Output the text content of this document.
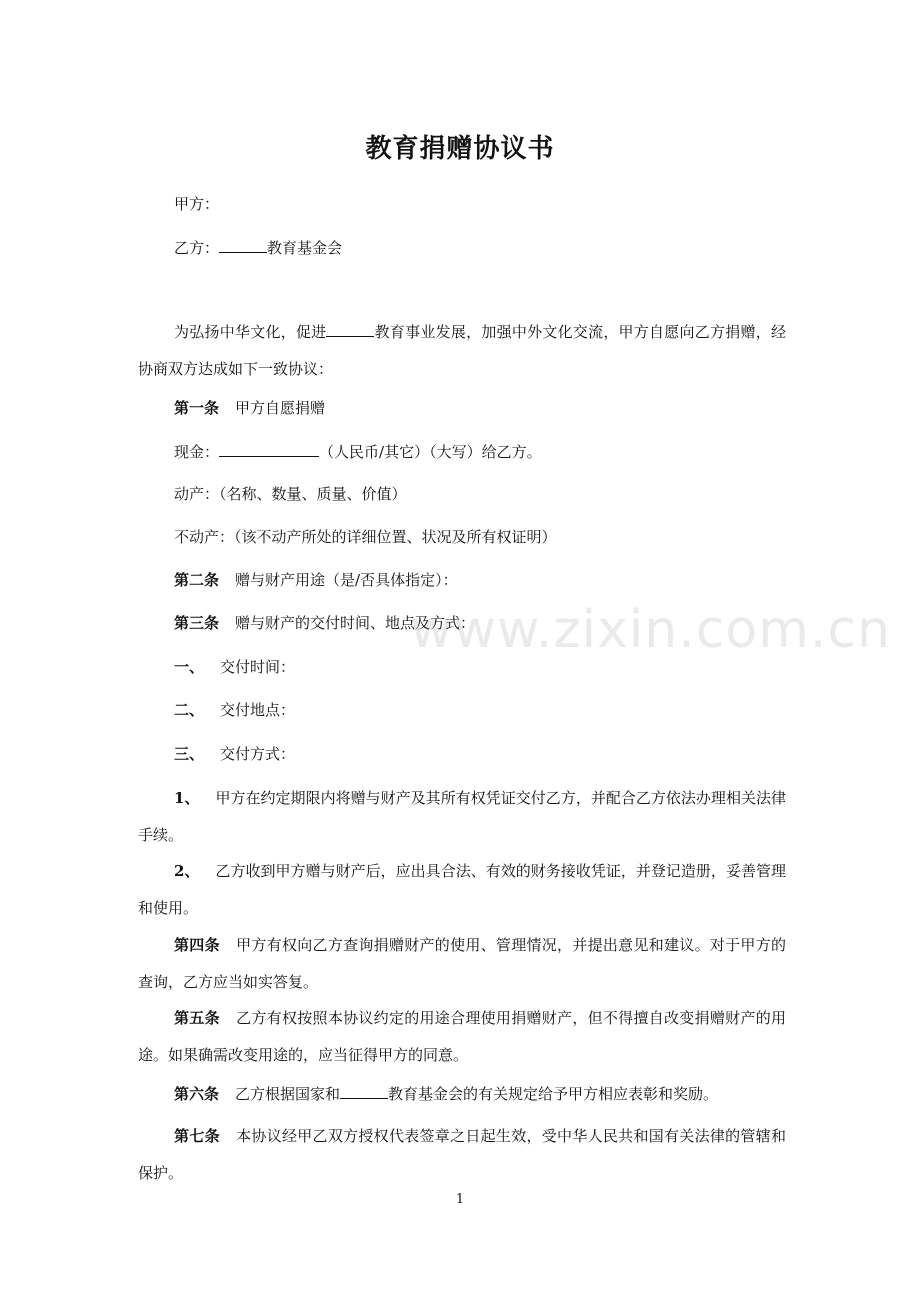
教育捐赠协议书
甲方：
乙方：	教育基金会
为弘扬中华文化，促进	教育事业发展，加强中外文化交流，甲方自愿向乙方捐赠，经协商双方达成如下一致协议：
第一条 甲方自愿捐赠
现金：	（人民币/其它）（大写）给乙方。
动产：（名称、数量、质量、价值）
不动产：（该不动产所处的详细位置、状况及所有权证明）
第二条 赠与财产用途（是/否具体指定）：
第三条 赠与财产的交付时间、地点及方式：
一、 交付时间：
二、 交付地点：
三、 交付方式：
1、 甲方在约定期限内将赠与财产及其所有权凭证交付乙方，并配合乙方依法办理相关法律手续。
2、 乙方收到甲方赠与财产后，应出具合法、有效的财务接收凭证，并登记造册，妥善管理和使用。
第四条 甲方有权向乙方查询捐赠财产的使用、管理情况，并提出意见和建议。对于甲方的查询，乙方应当如实答复。
第五条 乙方有权按照本协议约定的用途合理使用捐赠财产，但不得擅自改变捐赠财产的用途。如果确需改变用途的，应当征得甲方的同意。
第六条 乙方根据国家和	教育基金会的有关规定给予甲方相应表彰和奖励。
第七条 本协议经甲乙双方授权代表签章之日起生效，受中华人民共和国有关法律的管辖和保护。
www.zixin.com.cn
1
